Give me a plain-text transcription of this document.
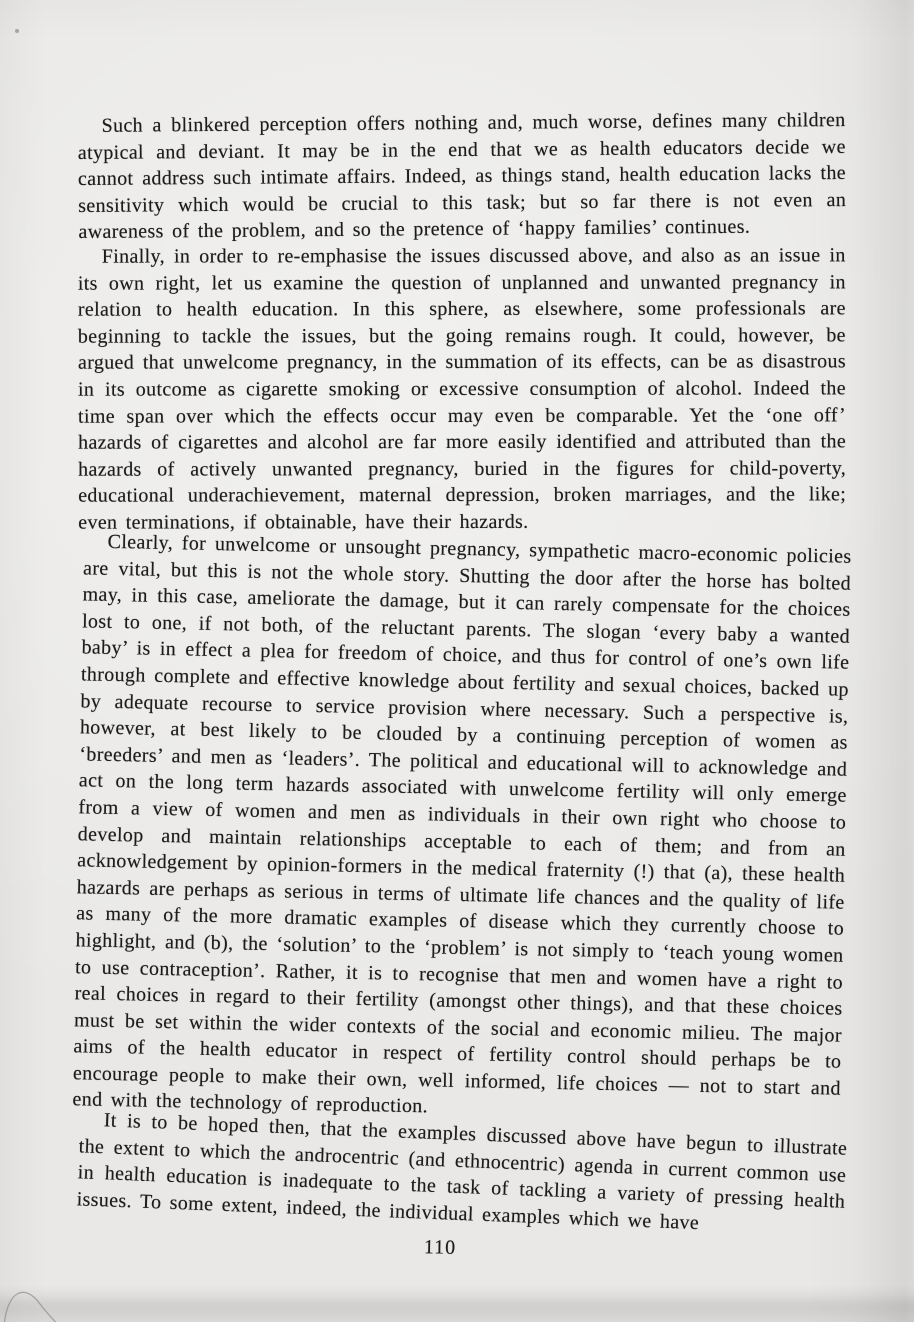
Such a blinkered perception offers nothing and, much worse, defines many children atypical and deviant. It may be in the end that we as health educators decide we cannot address such intimate affairs. Indeed, as things stand, health education lacks the sensitivity which would be crucial to this task; but so far there is not even an awareness of the problem, and so the pretence of ‘happy families’ continues.

Finally, in order to re-emphasise the issues discussed above, and also as an issue in its own right, let us examine the question of unplanned and unwanted pregnancy in relation to health education. In this sphere, as elsewhere, some professionals are beginning to tackle the issues, but the going remains rough. It could, however, be argued that unwelcome pregnancy, in the summation of its effects, can be as disastrous in its outcome as cigarette smoking or excessive consumption of alcohol. Indeed the time span over which the effects occur may even be comparable. Yet the ‘one off’ hazards of cigarettes and alcohol are far more easily identified and attributed than the hazards of actively unwanted pregnancy, buried in the figures for child-poverty, educational underachievement, maternal depression, broken marriages, and the like; even terminations, if obtainable, have their hazards.

Clearly, for unwelcome or unsought pregnancy, sympathetic macro-economic policies are vital, but this is not the whole story. Shutting the door after the horse has bolted may, in this case, ameliorate the damage, but it can rarely compensate for the choices lost to one, if not both, of the reluctant parents. The slogan ‘every baby a wanted baby’ is in effect a plea for freedom of choice, and thus for control of one’s own life through complete and effective knowledge about fertility and sexual choices, backed up by adequate recourse to service provision where necessary. Such a perspective is, however, at best likely to be clouded by a continuing perception of women as ‘breeders’ and men as ‘leaders’. The political and educational will to acknowledge and act on the long term hazards associated with unwelcome fertility will only emerge from a view of women and men as individuals in their own right who choose to develop and maintain relationships acceptable to each of them; and from an acknowledgement by opinion-formers in the medical fraternity (!) that (a), these health hazards are perhaps as serious in terms of ultimate life chances and the quality of life as many of the more dramatic examples of disease which they currently choose to highlight, and (b), the ‘solution’ to the ‘problem’ is not simply to ‘teach young women to use contraception’. Rather, it is to recognise that men and women have a right to real choices in regard to their fertility (amongst other things), and that these choices must be set within the wider contexts of the social and economic milieu. The major aims of the health educator in respect of fertility control should perhaps be to encourage people to make their own, well informed, life choices — not to start and end with the technology of reproduction.

It is to be hoped then, that the examples discussed above have begun to illustrate the extent to which the androcentric (and ethnocentric) agenda in current common use in health education is inadequate to the task of tackling a variety of pressing health issues. To some extent, indeed, the individual examples which we have

110
